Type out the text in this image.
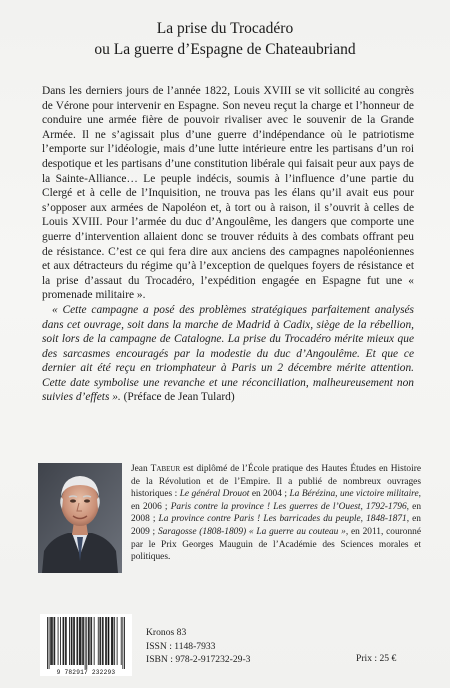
La prise du Trocadéro
ou La guerre d’Espagne de Chateaubriand

Dans les derniers jours de l’année 1822, Louis XVIII se vit sollicité au congrès de Vérone pour intervenir en Espagne. Son neveu reçut la charge et l’honneur de conduire une armée fière de pouvoir rivaliser avec le souvenir de la Grande Armée. Il ne s’agissait plus d’une guerre d’indépendance où le patriotisme l’emporte sur l’idéologie, mais d’une lutte intérieure entre les partisans d’un roi despotique et les partisans d’une constitution libérale qui faisait peur aux pays de la Sainte-Alliance… Le peuple indécis, soumis à l’influence d’une partie du Clergé et à celle de l’Inquisition, ne trouva pas les élans qu’il avait eus pour s’opposer aux armées de Napoléon et, à tort ou à raison, il s’ouvrit à celles de Louis XVIII. Pour l’armée du duc d’Angoulême, les dangers que comporte une guerre d’intervention allaient donc se trouver réduits à des combats offrant peu de résistance. C’est ce qui fera dire aux anciens des campagnes napoléoniennes et aux détracteurs du régime qu’à l’exception de quelques foyers de résistance et la prise d’assaut du Trocadéro, l’expédition engagée en Espagne fut une « promenade militaire ».

« Cette campagne a posé des problèmes stratégiques parfaitement analysés dans cet ouvrage, soit dans la marche de Madrid à Cadix, siège de la rébellion, soit lors de la campagne de Catalogne. La prise du Trocadéro mérite mieux que des sarcasmes encouragés par la modestie du duc d’Angoulême. Et que ce dernier ait été reçu en triomphateur à Paris un 2 décembre mérite attention. Cette date symbolise une revanche et une réconciliation, malheureusement non suivies d’effets ». (Préface de Jean Tulard)

Jean Tabeur est diplômé de l’École pratique des Hautes Études en Histoire de la Révolution et de l’Empire. Il a publié de nombreux ouvrages historiques : Le général Drouot en 2004 ; La Bérézina, une victoire militaire, en 2006 ; Paris contre la province ! Les guerres de l’Ouest, 1792-1796, en 2008 ; La province contre Paris ! Les barricades du peuple, 1848-1871, en 2009 ; Saragosse (1808-1809) « La guerre au couteau », en 2011, couronné par le Prix Georges Mauguin de l’Académie des Sciences morales et politiques.
9 782917 232293
Kronos 83
ISSN : 1148-7933
ISBN : 978-2-917232-29-3	Prix : 25 €
